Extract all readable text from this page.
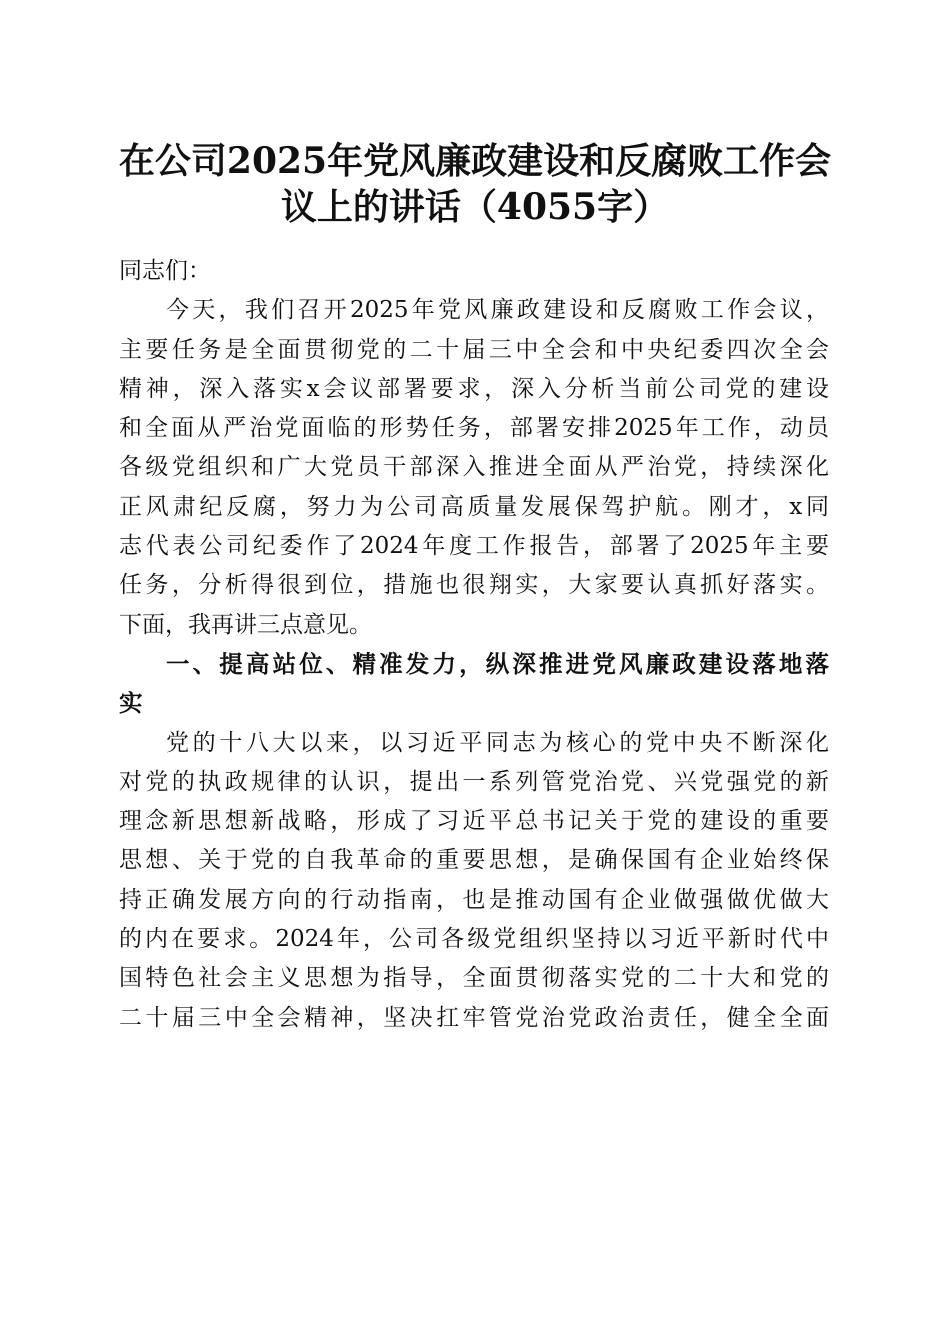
在公司2025年党风廉政建设和反腐败工作会
议上的讲话（4055字）
同志们：
今天，我们召开2025年党风廉政建设和反腐败工作会议，
主要任务是全面贯彻党的二十届三中全会和中央纪委四次全会
精神，深入落实x会议部署要求，深入分析当前公司党的建设
和全面从严治党面临的形势任务，部署安排2025年工作，动员
各级党组织和广大党员干部深入推进全面从严治党，持续深化
正风肃纪反腐，努力为公司高质量发展保驾护航。刚才，x同
志代表公司纪委作了2024年度工作报告，部署了2025年主要
任务，分析得很到位，措施也很翔实，大家要认真抓好落实。
下面，我再讲三点意见。
一、提高站位、精准发力，纵深推进党风廉政建设落地落
实
党的十八大以来，以习近平同志为核心的党中央不断深化
对党的执政规律的认识，提出一系列管党治党、兴党强党的新
理念新思想新战略，形成了习近平总书记关于党的建设的重要
思想、关于党的自我革命的重要思想，是确保国有企业始终保
持正确发展方向的行动指南，也是推动国有企业做强做优做大
的内在要求。2024年，公司各级党组织坚持以习近平新时代中
国特色社会主义思想为指导，全面贯彻落实党的二十大和党的
二十届三中全会精神，坚决扛牢管党治党政治责任，健全全面
